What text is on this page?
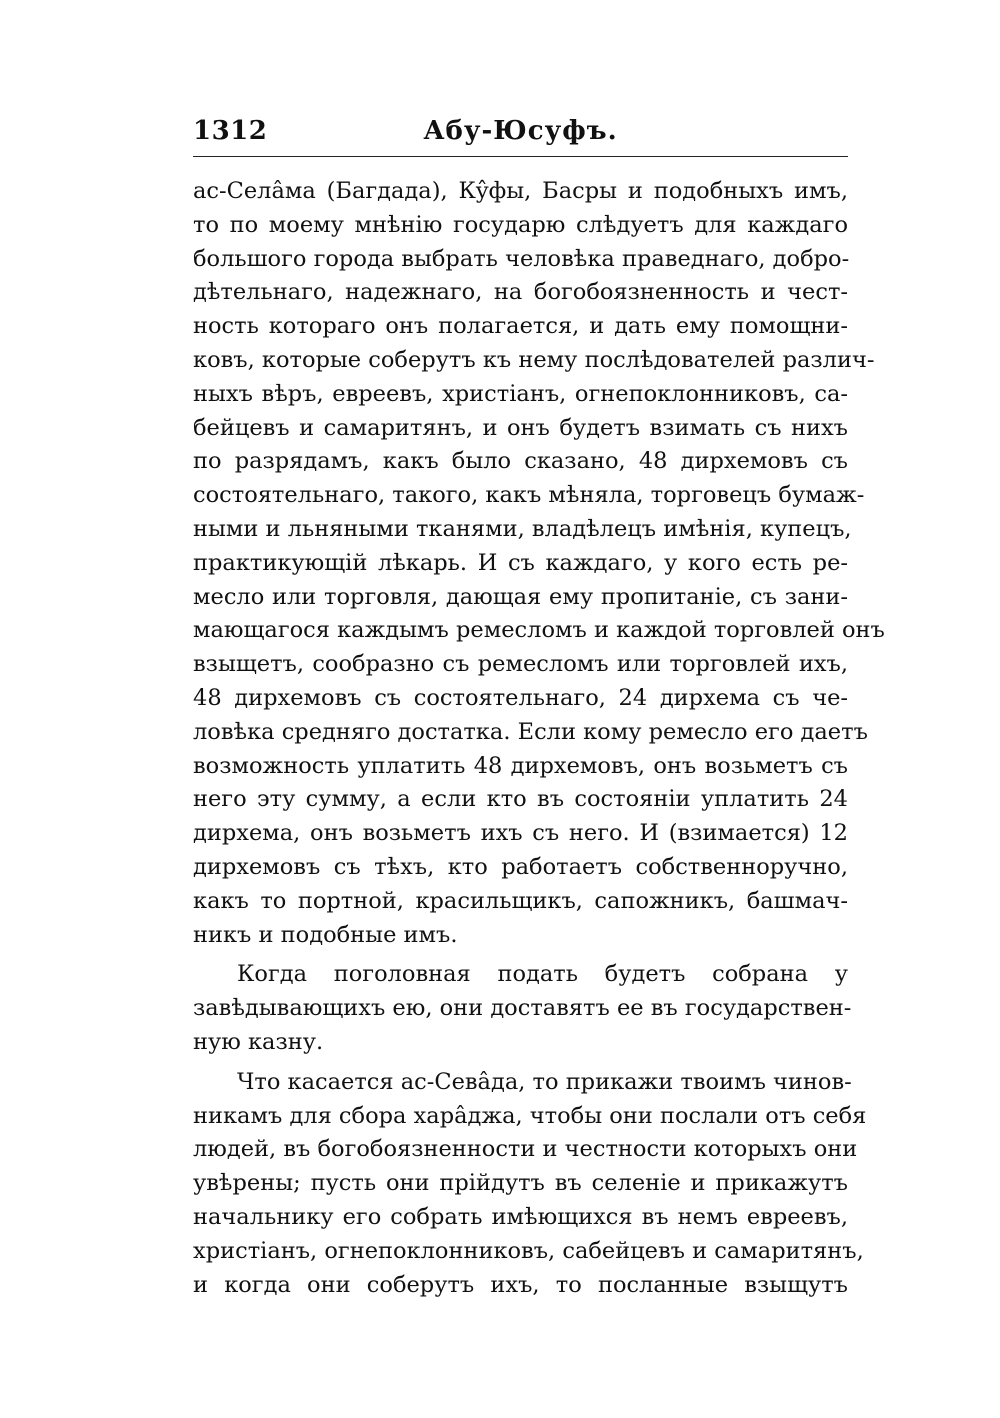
1312	Абу-Юсуфъ.
ас-Селâма (Багдада), Кŷфы, Басры и подобныхъ имъ,
то по моему мнѣнію государю слѣдуетъ для каждаго
большого города выбрать человѣка праведнаго, добро-
дѣтельнаго, надежнаго, на богобоязненность и чест-
ность котораго онъ полагается, и дать ему помощни-
ковъ, которые соберутъ къ нему послѣдователей различ-
ныхъ вѣръ, евреевъ, христіанъ, огнепоклонниковъ, са-
бейцевъ и самаритянъ, и онъ будетъ взимать съ нихъ
по разрядамъ, какъ было сказано, 48 дирхемовъ съ
состоятельнаго, такого, какъ мѣняла, торговецъ бумаж-
ными и льняными тканями, владѣлецъ имѣнія, купецъ,
практикующій лѣкарь. И съ каждаго, у кого есть ре-
месло или торговля, дающая ему пропитаніе, съ зани-
мающагося каждымъ ремесломъ и каждой торговлей онъ
взыщетъ, сообразно съ ремесломъ или торговлей ихъ,
48 дирхемовъ съ состоятельнаго, 24 дирхема съ че-
ловѣка средняго достатка. Если кому ремесло его даетъ
возможность уплатить 48 дирхемовъ, онъ возьметъ съ
него эту сумму, а если кто въ состояніи уплатить 24
дирхема, онъ возьметъ ихъ съ него. И (взимается) 12
дирхемовъ съ тѣхъ, кто работаетъ собственноручно,
какъ то портной, красильщикъ, сапожникъ, башмач-
никъ и подобные имъ.
Когда поголовная подать будетъ собрана у
завѣдывающихъ ею, они доставятъ ее въ государствен-
ную казну.
Что касается ас-Севâда, то прикажи твоимъ чинов-
никамъ для сбора харâджа, чтобы они послали отъ себя
людей, въ богобоязненности и честности которыхъ они
увѣрены; пусть они прійдутъ въ селеніе и прикажутъ
начальнику его собрать имѣющихся въ немъ евреевъ,
христіанъ, огнепоклонниковъ, сабейцевъ и самаритянъ,
и когда они соберутъ ихъ, то посланные взыщутъ
